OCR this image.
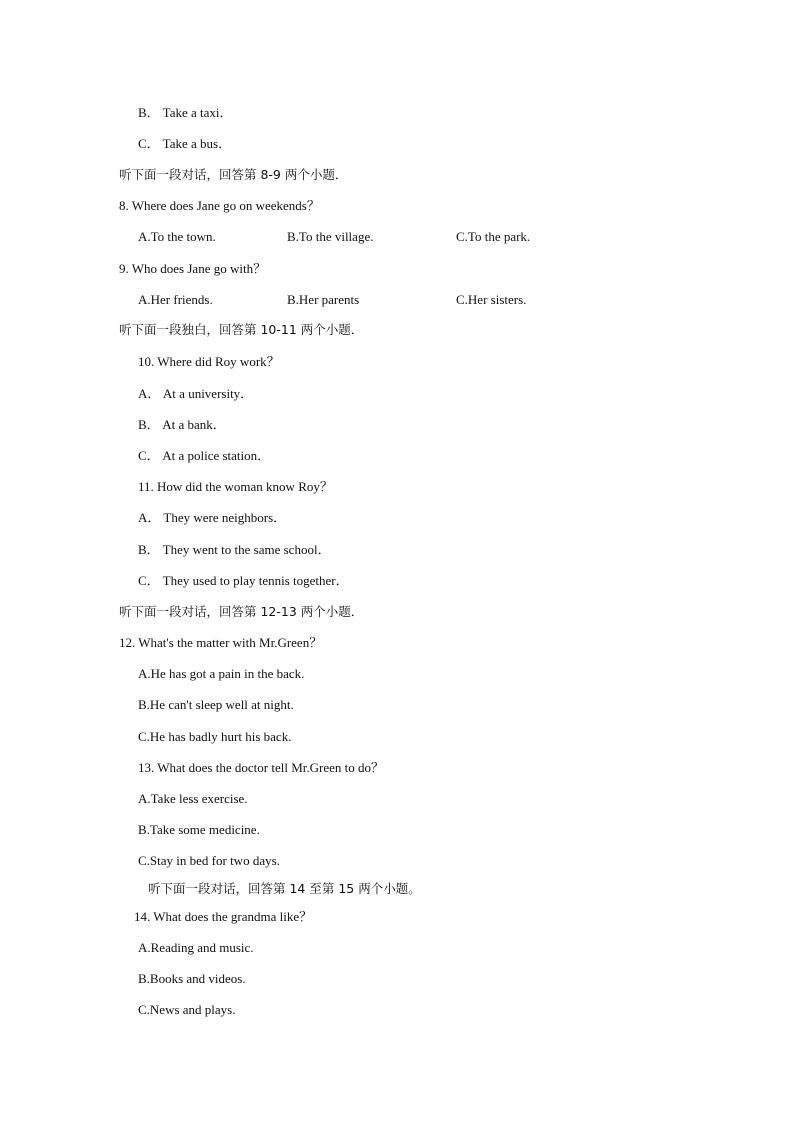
B． Take a taxi．
C． Take a bus．
听下面一段对话，回答第 8-9 两个小题．
8. Where does Jane go on weekends？
A.To the town.	B.To the village.	C.To the park.
9. Who does Jane go with？
A.Her friends.	B.Her parents	C.Her sisters.
听下面一段独白，回答第 10-11 两个小题．
10. Where did Roy work？
A． At a university．
B． At a bank．
C． At a police station．
11. How did the woman know Roy？
A． They were neighbors．
B． They went to the same school．
C． They used to play tennis together．
听下面一段对话，回答第 12-13 两个小题．
12. What's the matter with Mr.Green？
A.He has got a pain in the back.
B.He can't sleep well at night.
C.He has badly hurt his back.
13. What does the doctor tell Mr.Green to do？
A.Take less exercise.
B.Take some medicine.
C.Stay in bed for two days.
听下面一段对话，回答第 14 至第 15 两个小题。
14. What does the grandma like？
A.Reading and music.
B.Books and videos.
C.News and plays.
